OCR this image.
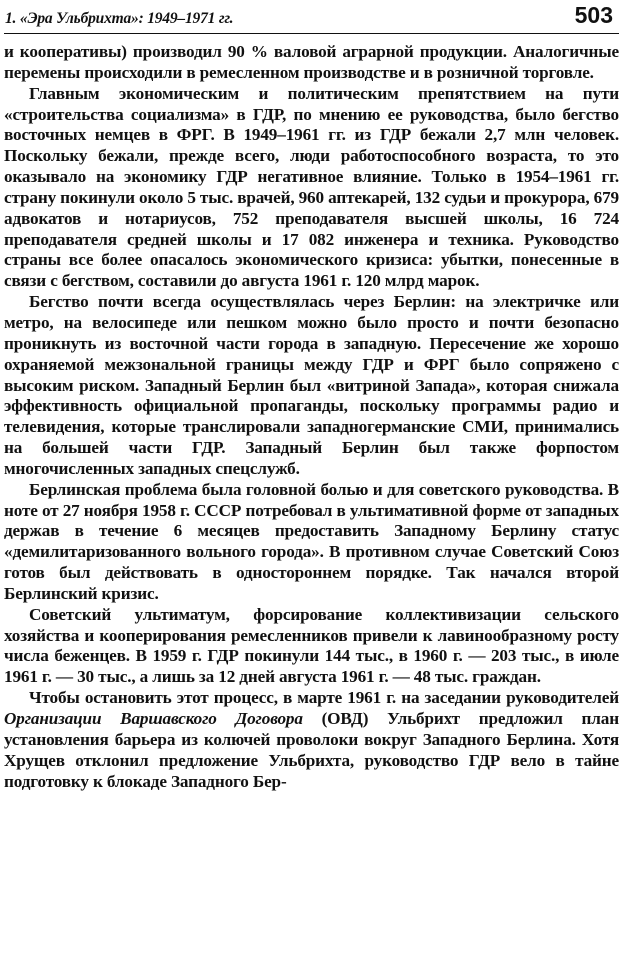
1. «Эра Ульбрихта»: 1949–1971 гг.	503

и кооперативы) производил 90 % валовой аграрной продукции. Аналогичные перемены происходили в ремесленном производстве и в розничной торговле.

Главным экономическим и политическим препятствием на пути «строительства социализма» в ГДР, по мнению ее руководства, было бегство восточных немцев в ФРГ. В 1949–1961 гг. из ГДР бежали 2,7 млн человек. Поскольку бежали, прежде всего, люди работоспособного возраста, то это оказывало на экономику ГДР негативное влияние. Только в 1954–1961 гг. страну покинули около 5 тыс. врачей, 960 аптекарей, 132 судьи и прокурора, 679 адвокатов и нотариусов, 752 преподавателя высшей школы, 16 724 преподавателя средней школы и 17 082 инженера и техника. Руководство страны все более опасалось экономического кризиса: убытки, понесенные в связи с бегством, составили до августа 1961 г. 120 млрд марок.

Бегство почти всегда осуществлялась через Берлин: на электричке или метро, на велосипеде или пешком можно было просто и почти безопасно проникнуть из восточной части города в западную. Пересечение же хорошо охраняемой межзональной границы между ГДР и ФРГ было сопряжено с высоким риском. Западный Берлин был «витриной Запада», которая снижала эффективность официальной пропаганды, поскольку программы радио и телевидения, которые транслировали западногерманские СМИ, принимались на большей части ГДР. Западный Берлин был также форпостом многочисленных западных спецслужб.

Берлинская проблема была головной болью и для советского руководства. В ноте от 27 ноября 1958 г. СССР потребовал в ультимативной форме от западных держав в течение 6 месяцев предоставить Западному Берлину статус «демилитаризованного вольного города». В противном случае Советский Союз готов был действовать в одностороннем порядке. Так начался второй Берлинский кризис.

Советский ультиматум, форсирование коллективизации сельского хозяйства и кооперирования ремесленников привели к лавинообразному росту числа беженцев. В 1959 г. ГДР покинули 144 тыс., в 1960 г. — 203 тыс., в июле 1961 г. — 30 тыс., а лишь за 12 дней августа 1961 г. — 48 тыс. граждан.

Чтобы остановить этот процесс, в марте 1961 г. на заседании руководителей Организации Варшавского Договора (ОВД) Ульбрихт предложил план установления барьера из колючей проволоки вокруг Западного Берлина. Хотя Хрущев отклонил предложение Ульбрихта, руководство ГДР вело в тайне подготовку к блокаде Западного Бер-
